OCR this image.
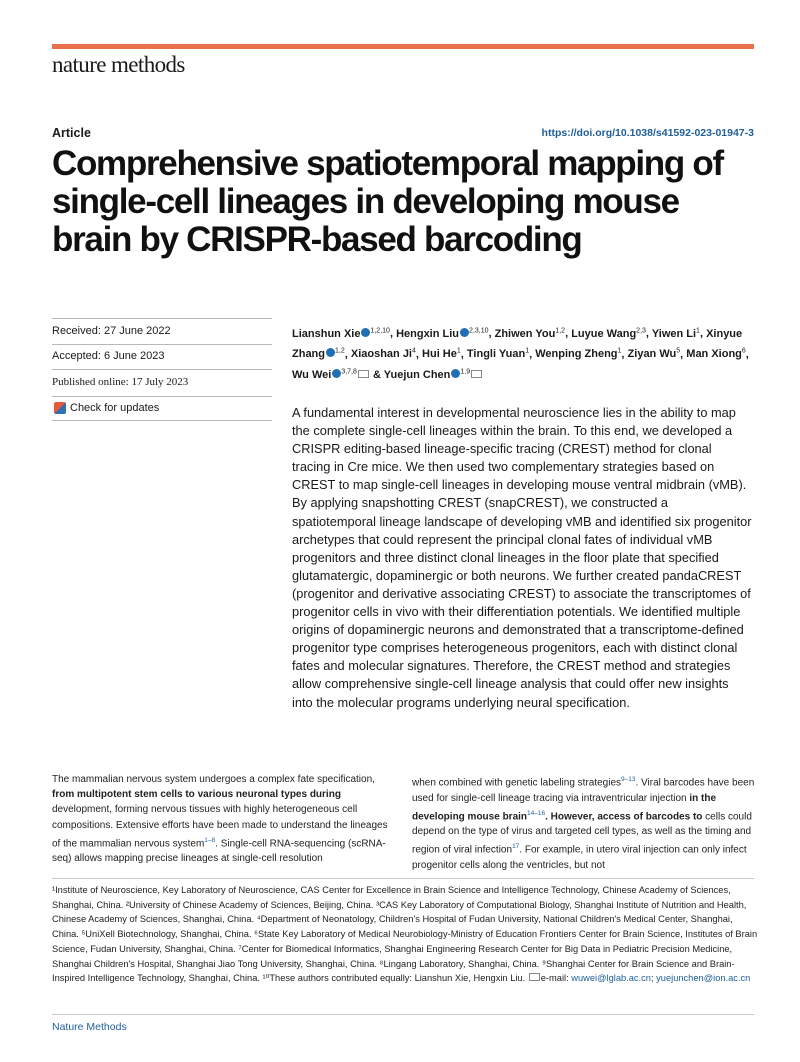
nature methods
Article	https://doi.org/10.1038/s41592-023-01947-3
Comprehensive spatiotemporal mapping of single-cell lineages in developing mouse brain by CRISPR-based barcoding
Received: 27 June 2022
Accepted: 6 June 2023
Published online: 17 July 2023
Check for updates
Lianshun Xie $^{1,2,10}$, Hengxin Liu $^{2,3,10}$, Zhiwen You$^{1,2}$, Luyue Wang$^{2,3}$, Yiwen Li$^1$, Xinyue Zhang $^{1,2}$, Xiaoshan Ji$^4$, Hui He$^1$, Tingli Yuan$^1$, Wenping Zheng$^1$, Ziyan Wu$^5$, Man Xiong$^6$, Wu Wei $^{3,7,8}$ & Yuejun Chen $^{1,9}$

A fundamental interest in developmental neuroscience lies in the ability to map the complete single-cell lineages within the brain. To this end, we developed a CRISPR editing-based lineage-specific tracing (CREST) method for clonal tracing in Cre mice. We then used two complementary strategies based on CREST to map single-cell lineages in developing mouse ventral midbrain (vMB). By applying snapshotting CREST (snapCREST), we constructed a spatiotemporal lineage landscape of developing vMB and identified six progenitor archetypes that could represent the principal clonal fates of individual vMB progenitors and three distinct clonal lineages in the floor plate that specified glutamatergic, dopaminergic or both neurons. We further created pandaCREST (progenitor and derivative associating CREST) to associate the transcriptomes of progenitor cells in vivo with their differentiation potentials. We identified multiple origins of dopaminergic neurons and demonstrated that a transcriptome-defined progenitor type comprises heterogeneous progenitors, each with distinct clonal fates and molecular signatures. Therefore, the CREST method and strategies allow comprehensive single-cell lineage analysis that could offer new insights into the molecular programs underlying neural specification.

The mammalian nervous system undergoes a complex fate specification, from multipotent stem cells to various neuronal types during development, forming nervous tissues with highly heterogeneous cell compositions. Extensive efforts have been made to understand the lineages of the mammalian nervous system$^{1-8}$. Single-cell RNA-sequencing (scRNA-seq) allows mapping precise lineages at single-cell resolution
when combined with genetic labeling strategies$^{9-13}$. Viral barcodes have been used for single-cell lineage tracing via intraventricular injection in the developing mouse brain$^{14-16}$. However, access of barcodes to cells could depend on the type of virus and targeted cell types, as well as the timing and region of viral infection$^{17}$. For example, in utero viral injection can only infect progenitor cells along the ventricles, but not
¹Institute of Neuroscience, Key Laboratory of Neuroscience, CAS Center for Excellence in Brain Science and Intelligence Technology, Chinese Academy of Sciences, Shanghai, China. ²University of Chinese Academy of Sciences, Beijing, China. ³CAS Key Laboratory of Computational Biology, Shanghai Institute of Nutrition and Health, Chinese Academy of Sciences, Shanghai, China. ⁴Department of Neonatology, Children's Hospital of Fudan University, National Children's Medical Center, Shanghai, China. ⁵UniXell Biotechnology, Shanghai, China. ⁶State Key Laboratory of Medical Neurobiology-Ministry of Education Frontiers Center for Brain Science, Institutes of Brain Science, Fudan University, Shanghai, China. ⁷Center for Biomedical Informatics, Shanghai Engineering Research Center for Big Data in Pediatric Precision Medicine, Shanghai Children's Hospital, Shanghai Jiao Tong University, Shanghai, China. ⁸Lingang Laboratory, Shanghai, China. ⁹Shanghai Center for Brain Science and Brain-Inspired Intelligence Technology, Shanghai, China. ¹⁰These authors contributed equally: Lianshun Xie, Hengxin Liu. e-mail: wuwei@lglab.ac.cn; yuejunchen@ion.ac.cn
Nature Methods
